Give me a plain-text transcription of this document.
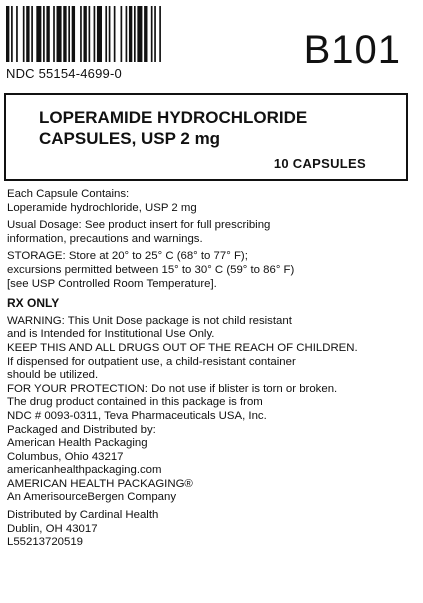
NDC 55154-4699-0
B101
LOPERAMIDE HYDROCHLORIDE
CAPSULES, USP 2 mg
10 CAPSULES
Each Capsule Contains:
Loperamide hydrochloride, USP 2 mg
Usual Dosage: See product insert for full prescribing
information, precautions and warnings.
STORAGE: Store at 20° to 25° C (68° to 77° F);
excursions permitted between 15° to 30° C (59° to 86° F)
[see USP Controlled Room Temperature].
RX ONLY
WARNING: This Unit Dose package is not child resistant
and is Intended for Institutional Use Only.
KEEP THIS AND ALL DRUGS OUT OF THE REACH OF CHILDREN.
If dispensed for outpatient use, a child-resistant container
should be utilized.
FOR YOUR PROTECTION: Do not use if blister is torn or broken.
The drug product contained in this package is from
NDC # 0093-0311, Teva Pharmaceuticals USA, Inc.
Packaged and Distributed by:
American Health Packaging
Columbus, Ohio 43217
americanhealthpackaging.com
AMERICAN HEALTH PACKAGING®
An AmerisourceBergen Company
Distributed by Cardinal Health
Dublin, OH 43017
L55213720519
